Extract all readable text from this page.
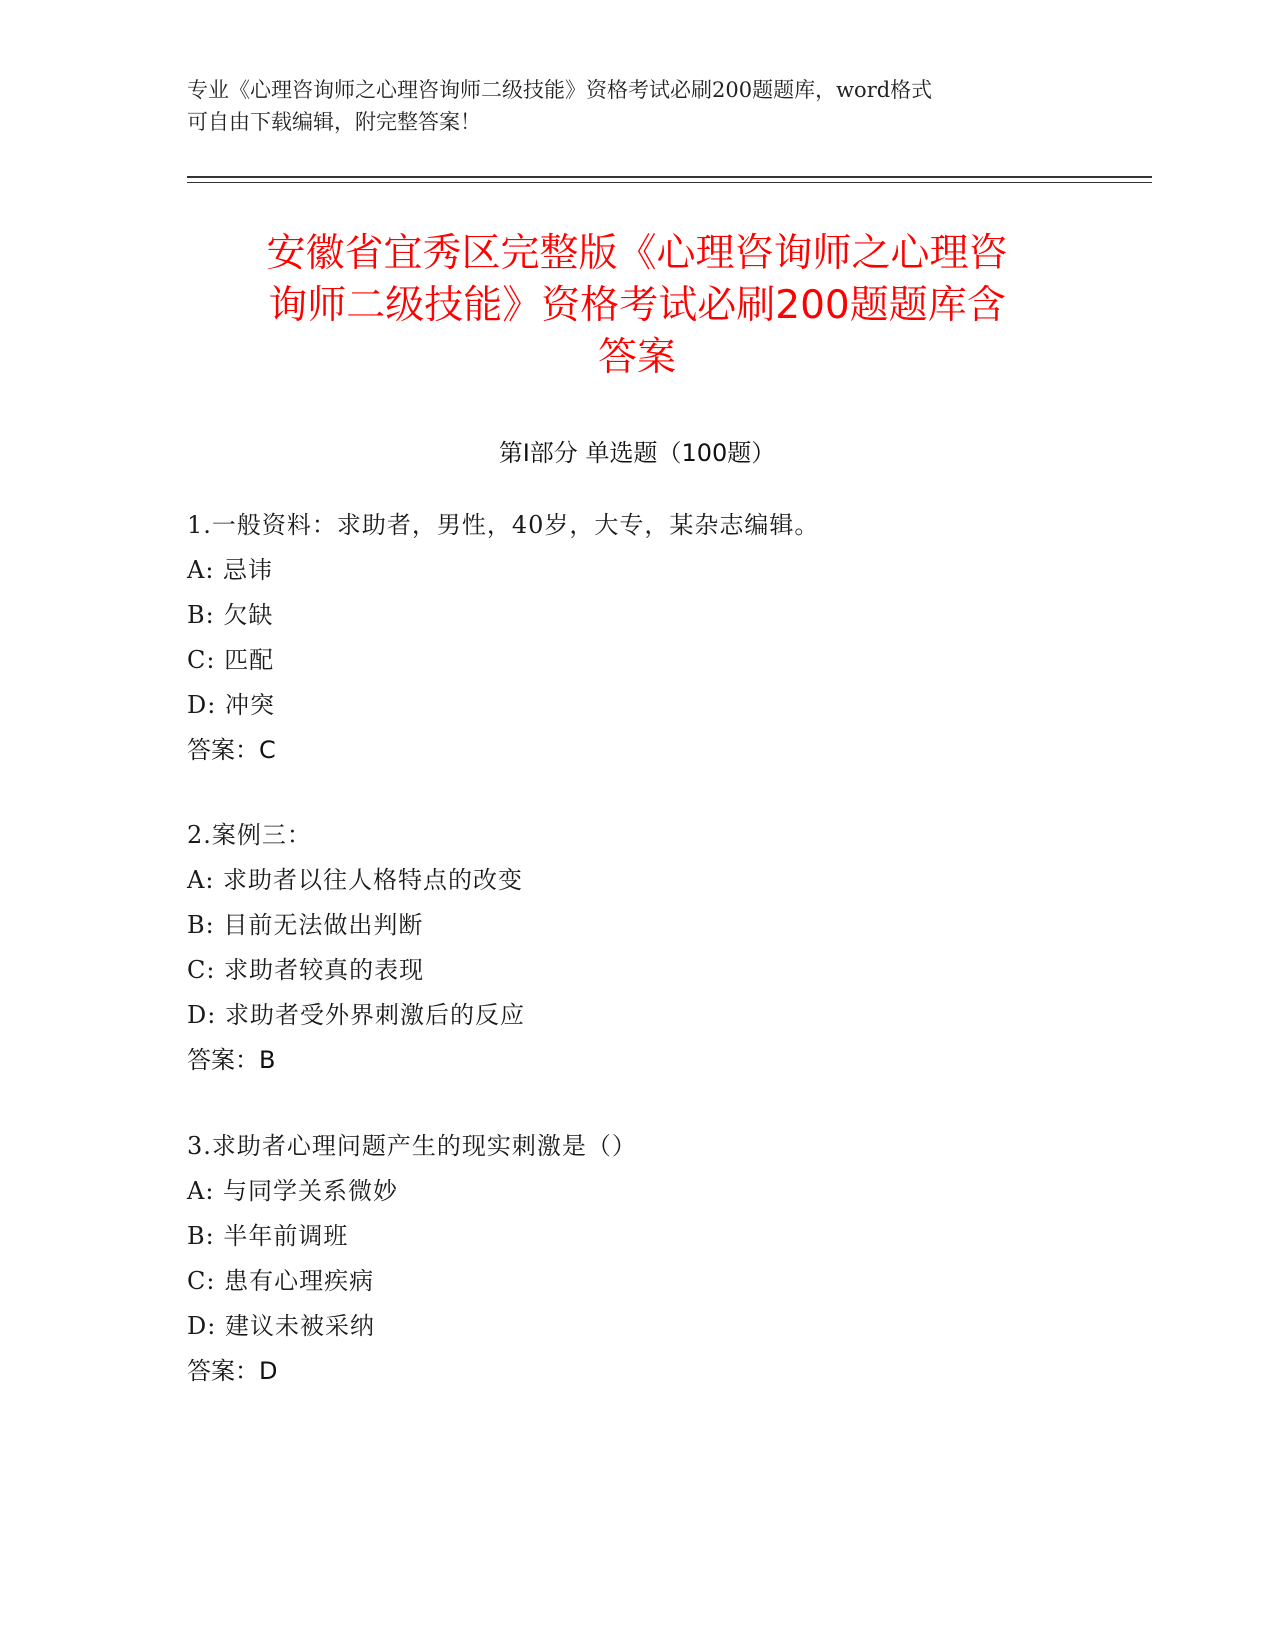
专业《心理咨询师之心理咨询师二级技能》资格考试必刷200题题库，word格式
可自由下载编辑，附完整答案！
安徽省宜秀区完整版《心理咨询师之心理咨
询师二级技能》资格考试必刷200题题库含
答案
第Ⅰ部分 单选题（100题）
1.一般资料：求助者，男性，40岁，大专，某杂志编辑。
A: 忌讳
B: 欠缺
C: 匹配
D: 冲突
答案：C
2.案例三：
A: 求助者以往人格特点的改变
B: 目前无法做出判断
C: 求助者较真的表现
D: 求助者受外界刺激后的反应
答案：B
3.求助者心理问题产生的现实刺激是（）
A: 与同学关系微妙
B: 半年前调班
C: 患有心理疾病
D: 建议未被采纳
答案：D
